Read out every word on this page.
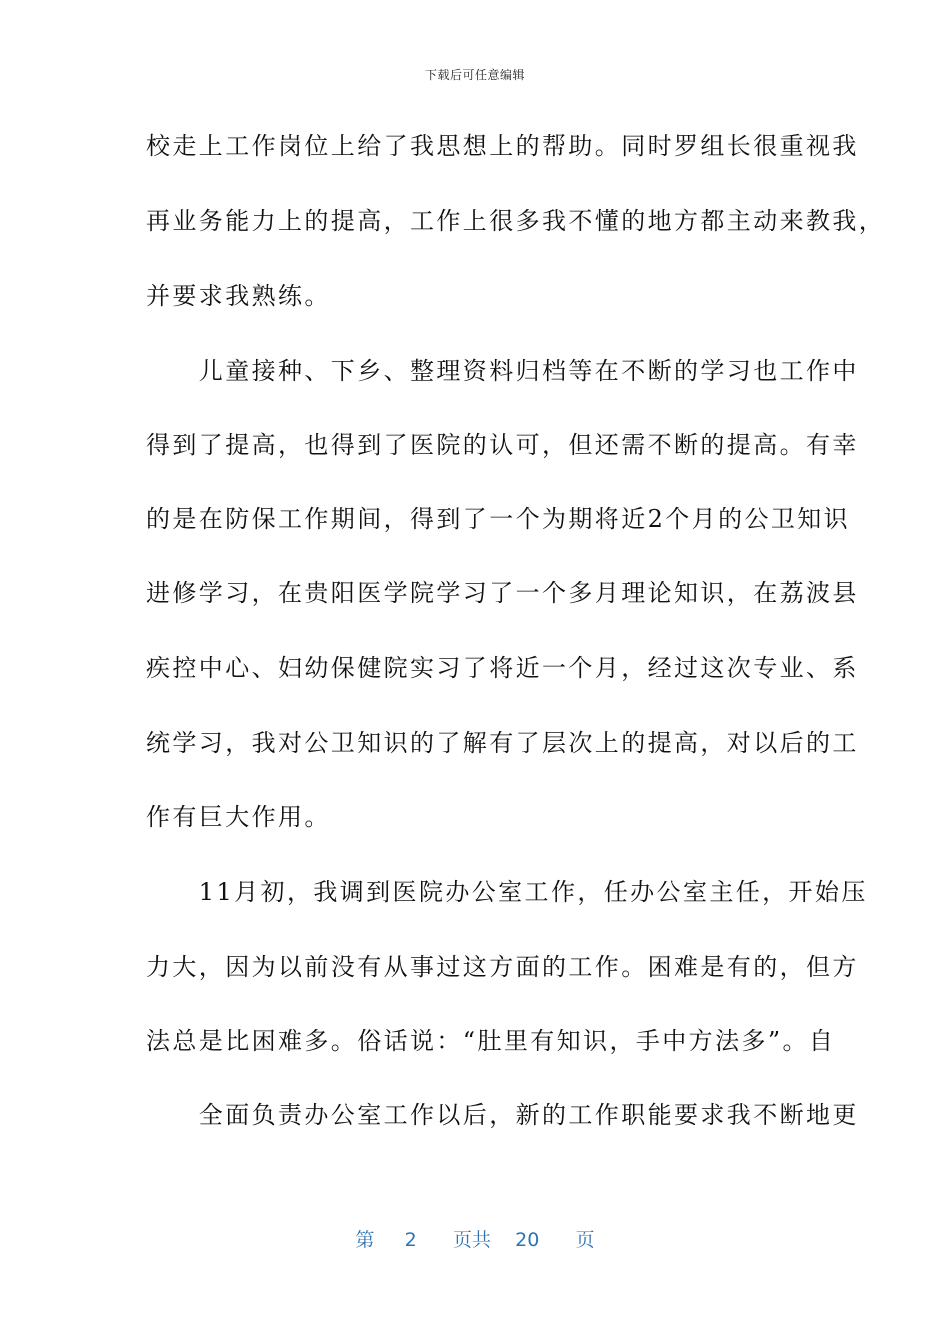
下载后可任意编辑
校走上工作岗位上给了我思想上的帮助。同时罗组长很重视我
再业务能力上的提高，工作上很多我不懂的地方都主动来教我，
并要求我熟练。
　　儿童接种、下乡、整理资料归档等在不断的学习也工作中
得到了提高，也得到了医院的认可，但还需不断的提高。有幸
的是在防保工作期间，得到了一个为期将近2个月的公卫知识
进修学习，在贵阳医学院学习了一个多月理论知识，在荔波县
疾控中心、妇幼保健院实习了将近一个月，经过这次专业、系
统学习，我对公卫知识的了解有了层次上的提高，对以后的工
作有巨大作用。
　　11月初，我调到医院办公室工作，任办公室主任，开始压
力大，因为以前没有从事过这方面的工作。困难是有的，但方
法总是比困难多。俗话说：“肚里有知识，手中方法多”。自
　　全面负责办公室工作以后，新的工作职能要求我不断地更
第 2 页共 20 页
